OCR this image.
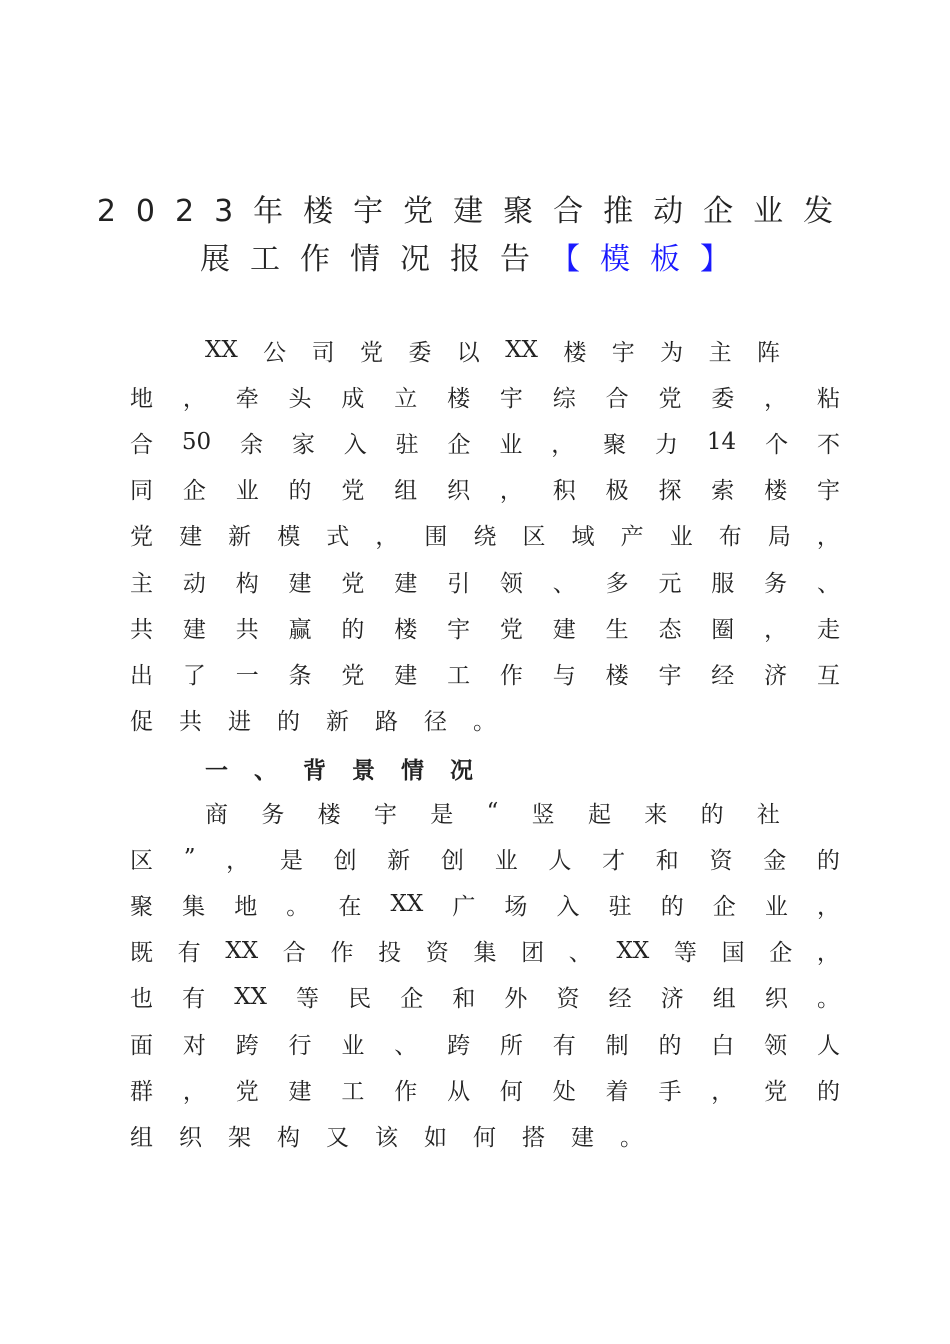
2023年楼宇党建聚合推动企业发
展工作情况报告【模板】
XX 公 司 党 委 以 XX 楼 宇 为 主 阵
地 ， 牵 头 成 立 楼 宇 综 合 党 委 ， 粘
合 50 余 家 入 驻 企 业 ， 聚 力 14 个 不
同 企 业 的 党 组 织 ， 积 极 探 索 楼 宇
党 建 新 模 式 ， 围 绕 区 域 产 业 布 局 ，
主 动 构 建 党 建 引 领 、 多 元 服 务 、
共 建 共 赢 的 楼 宇 党 建 生 态 圈 ， 走
出 了 一 条 党 建 工 作 与 楼 宇 经 济 互
促 共 进 的 新 路 径 。
一、背景情况
商 务 楼 宇 是 “ 竖 起 来 的 社
区 ” ， 是 创 新 创 业 人 才 和 资 金 的
聚 集 地 。 在 XX 广 场 入 驻 的 企 业 ，
既 有 XX 合 作 投 资 集 团 、 XX 等 国 企 ，
也 有 XX 等 民 企 和 外 资 经 济 组 织 。
面 对 跨 行 业 、 跨 所 有 制 的 白 领 人
群 ， 党 建 工 作 从 何 处 着 手 ， 党 的
组 织 架 构 又 该 如 何 搭 建 。
